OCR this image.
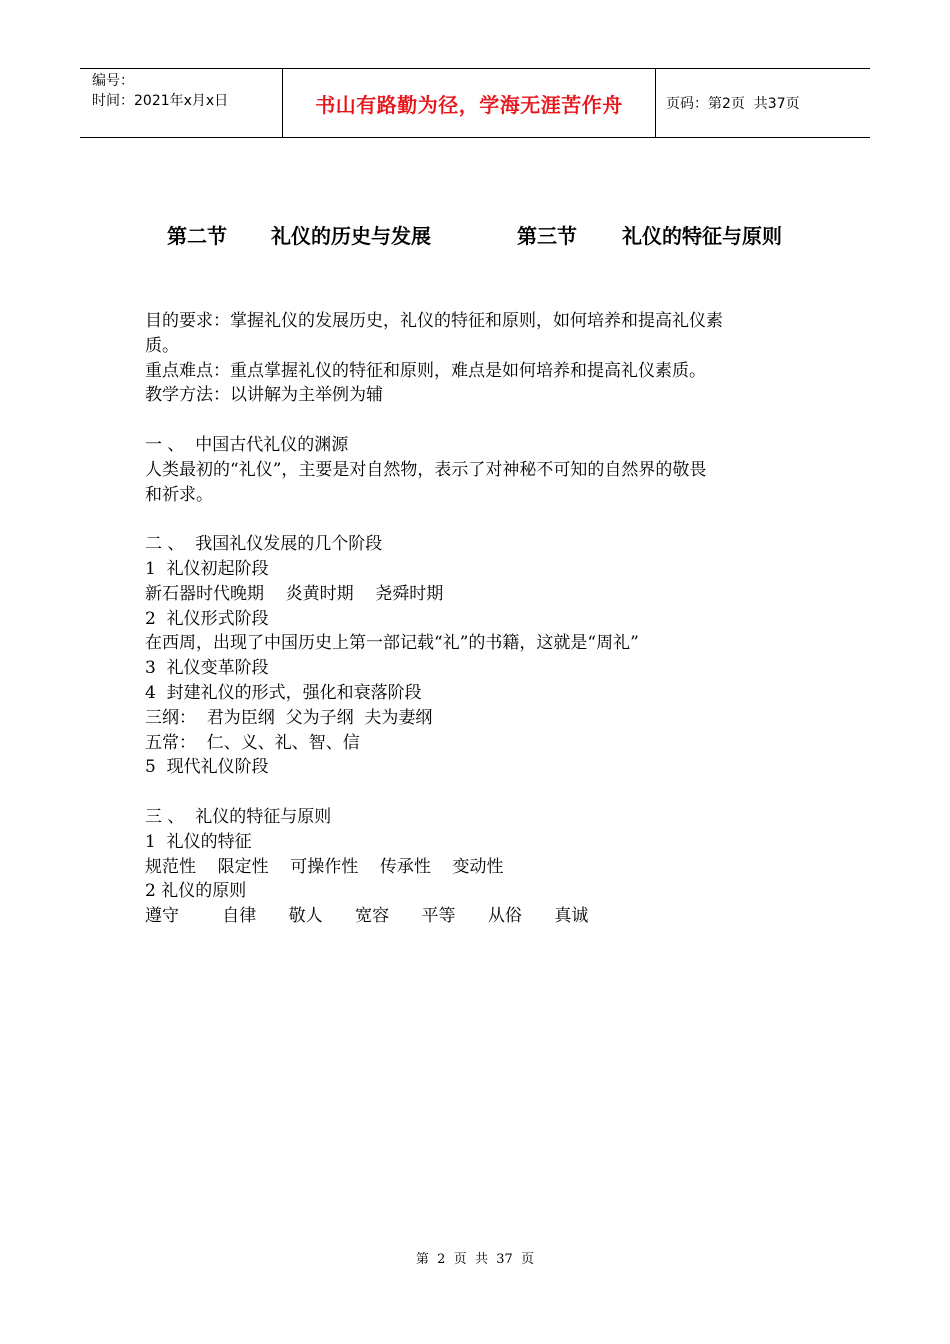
编号：
时间：2021年x月x日	书山有路勤为径，学海无涯苦作舟	页码：第2页  共37页
第二节 礼仪的历史与发展	第三节 礼仪的特征与原则

目的要求：掌握礼仪的发展历史，礼仪的特征和原则，如何培养和提高礼仪素

质。

重点难点：重点掌握礼仪的特征和原则，难点是如何培养和提高礼仪素质。

教学方法：以讲解为主举例为辅

一 、  中国古代礼仪的渊源

人类最初的“礼仪”，主要是对自然物，表示了对神秘不可知的自然界的敬畏

和祈求。

二 、  我国礼仪发展的几个阶段

1  礼仪初起阶段

新石器时代晚期    炎黄时期    尧舜时期

2  礼仪形式阶段

在西周，出现了中国历史上第一部记载“礼”的书籍，这就是“周礼”

3  礼仪变革阶段

4  封建礼仪的形式，强化和衰落阶段

三纲：  君为臣纲  父为子纲  夫为妻纲

五常：  仁、义、礼、智、信

5  现代礼仪阶段

三 、  礼仪的特征与原则

1  礼仪的特征

规范性    限定性    可操作性    传承性    变动性

2 礼仪的原则

遵守        自律      敬人      宽容      平等      从俗      真诚

第  2  页  共  37  页
